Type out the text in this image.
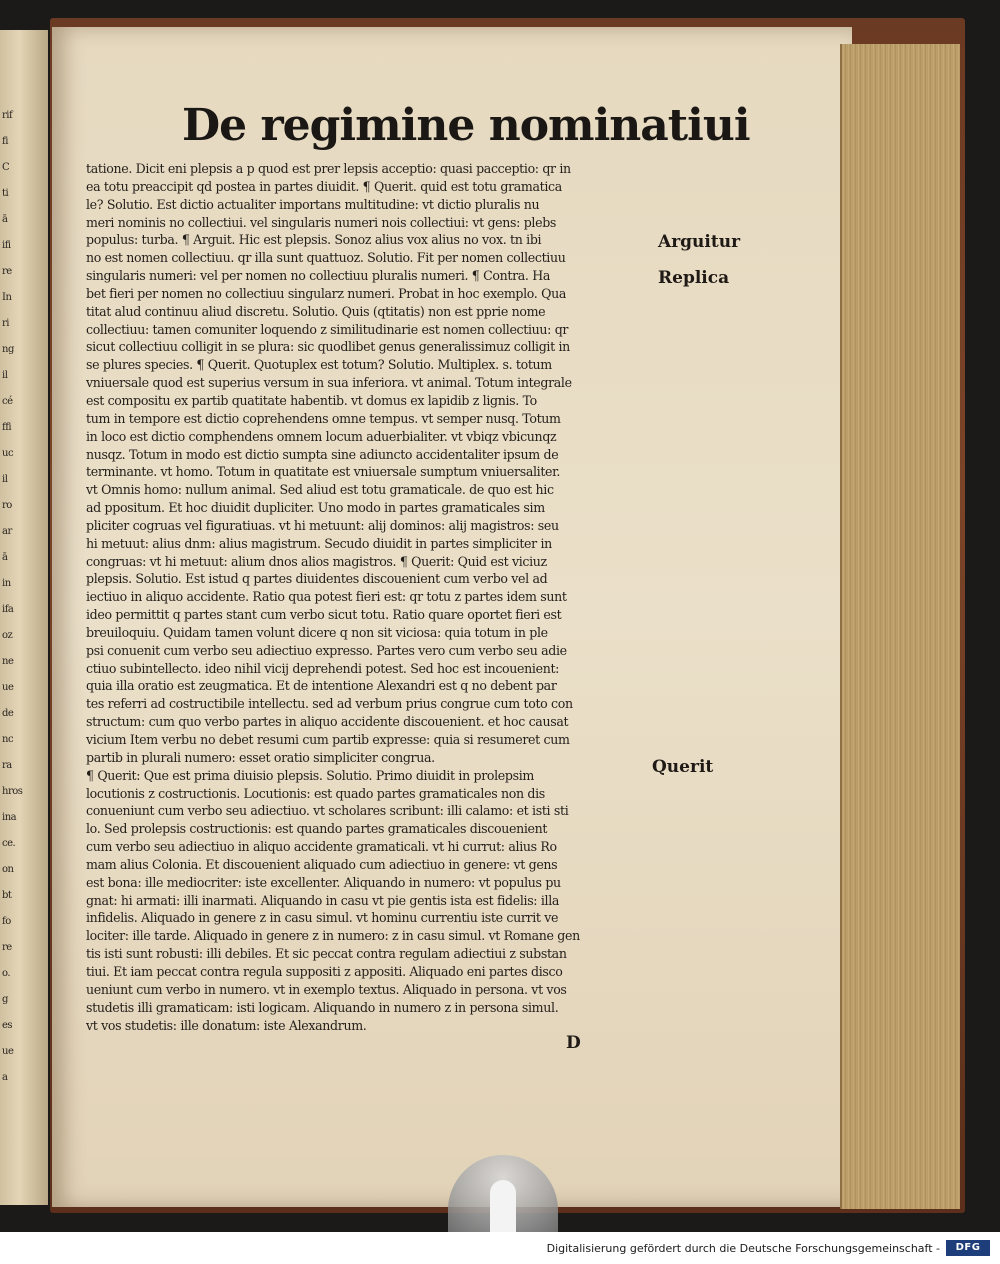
rif
fi
C
ti
ā
ifi
re
In
ri
ng
il
cé
ffi
uc
il
ro
ar
ā
in
ifa
oz
ne
ue
de
nc
ra
hros
ina
ce.
on
bt
fo
re
o.
g
es
ue
a
De regimine nominatiui
tatione. Dicit eni plepsis a p quod est prer lepsis acceptio: quasi pacceptio: qr in
ea totu preaccipit qd postea in partes diuidit. ¶ Querit. quid est totu gramatica
le? Solutio. Est dictio actualiter importans multitudine: vt dictio pluralis nu
meri nominis no collectiui. vel singularis numeri nois collectiui: vt gens: plebs
populus: turba. ¶ Arguit. Hic est plepsis. Sonoz alius vox alius no vox. tn ibi
no est nomen collectiuu. qr illa sunt quattuoz. Solutio. Fit per nomen collectiuu
singularis numeri: vel per nomen no collectiuu pluralis numeri. ¶ Contra. Ha
bet fieri per nomen no collectiuu singularz numeri. Probat in hoc exemplo. Qua
titat alud continuu aliud discretu. Solutio. Quis (qtitatis) non est pprie nome
collectiuu: tamen comuniter loquendo z similitudinarie est nomen collectiuu: qr
sicut collectiuu colligit in se plura: sic quodlibet genus generalissimuz colligit in
se plures species. ¶ Querit. Quotuplex est totum? Solutio. Multiplex. s. totum
vniuersale quod est superius versum in sua inferiora. vt animal. Totum integrale
est compositu ex partib quatitate habentib. vt domus ex lapidib z lignis. To
tum in tempore est dictio coprehendens omne tempus. vt semper nusq. Totum
in loco est dictio comphendens omnem locum aduerbialiter. vt vbiqz vbicunqz
nusqz. Totum in modo est dictio sumpta sine adiuncto accidentaliter ipsum de
terminante. vt homo. Totum in quatitate est vniuersale sumptum vniuersaliter.
vt Omnis homo: nullum animal. Sed aliud est totu gramaticale. de quo est hic
ad ppositum. Et hoc diuidit dupliciter. Uno modo in partes gramaticales sim
pliciter cogruas vel figuratiuas. vt hi metuunt: alij dominos: alij magistros: seu
hi metuut: alius dnm: alius magistrum. Secudo diuidit in partes simpliciter in
congruas: vt hi metuut: alium dnos alios magistros. ¶ Querit: Quid est viciuz
plepsis. Solutio. Est istud q partes diuidentes discouenient cum verbo vel ad
iectiuo in aliquo accidente. Ratio qua potest fieri est: qr totu z partes idem sunt
ideo permittit q partes stant cum verbo sicut totu. Ratio quare oportet fieri est
breuiloquiu. Quidam tamen volunt dicere q non sit viciosa: quia totum in ple
psi conuenit cum verbo seu adiectiuo expresso. Partes vero cum verbo seu adie
ctiuo subintellecto. ideo nihil vicij deprehendi potest. Sed hoc est incouenient:
quia illa oratio est zeugmatica. Et de intentione Alexandri est q no debent par
tes referri ad costructibile intellectu. sed ad verbum prius congrue cum toto con
structum: cum quo verbo partes in aliquo accidente discouenient. et hoc causat
vicium Item verbu no debet resumi cum partib expresse: quia si resumeret cum
partib in plurali numero: esset oratio simpliciter congrua.
¶ Querit: Que est prima diuisio plepsis. Solutio. Primo diuidit in prolepsim
locutionis z costructionis. Locutionis: est quado partes gramaticales non dis
conueniunt cum verbo seu adiectiuo. vt scholares scribunt: illi calamo: et isti sti
lo. Sed prolepsis costructionis: est quando partes gramaticales discouenient
cum verbo seu adiectiuo in aliquo accidente gramaticali. vt hi currut: alius Ro
mam alius Colonia. Et discouenient aliquado cum adiectiuo in genere: vt gens
est bona: ille mediocriter: iste excellenter. Aliquando in numero: vt populus pu
gnat: hi armati: illi inarmati. Aliquando in casu vt pie gentis ista est fidelis: illa
infidelis. Aliquado in genere z in casu simul. vt hominu currentiu iste currit ve
lociter: ille tarde. Aliquado in genere z in numero: z in casu simul. vt Romane gen
tis isti sunt robusti: illi debiles. Et sic peccat contra regulam adiectiui z substan
tiui. Et iam peccat contra regula suppositi z appositi. Aliquado eni partes disco
ueniunt cum verbo in numero. vt in exemplo textus. Aliquado in persona. vt vos
studetis illi gramaticam: isti logicam. Aliquando in numero z in persona simul.
vt vos studetis: ille donatum: iste Alexandrum.
Arguitur
Replica
Querit
D
Digitalisierung gefördert durch die Deutsche Forschungsgemeinschaft -	DFG
